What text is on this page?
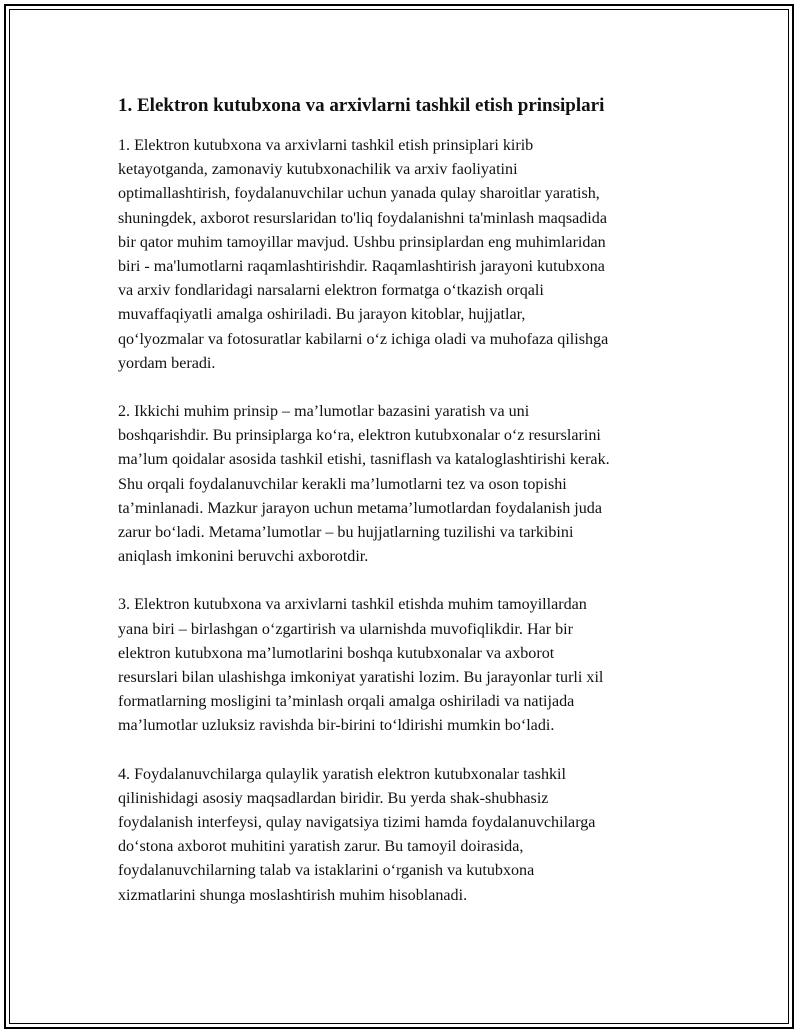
1. Elektron kutubxona va arxivlarni tashkil etish prinsiplari

1. Elektron kutubxona va arxivlarni tashkil etish prinsiplari kirib
ketayotganda, zamonaviy kutubxonachilik va arxiv faoliyatini
optimallashtirish, foydalanuvchilar uchun yanada qulay sharoitlar yaratish,
shuningdek, axborot resurslaridan to'liq foydalanishni ta'minlash maqsadida
bir qator muhim tamoyillar mavjud. Ushbu prinsiplardan eng muhimlaridan
biri - ma'lumotlarni raqamlashtirishdir. Raqamlashtirish jarayoni kutubxona
va arxiv fondlaridagi narsalarni elektron formatga o‘tkazish orqali
muvaffaqiyatli amalga oshiriladi. Bu jarayon kitoblar, hujjatlar,
qo‘lyozmalar va fotosuratlar kabilarni o‘z ichiga oladi va muhofaza qilishga
yordam beradi.

2. Ikkichi muhim prinsip – ma’lumotlar bazasini yaratish va uni
boshqarishdir. Bu prinsiplarga ko‘ra, elektron kutubxonalar o‘z resurslarini
ma’lum qoidalar asosida tashkil etishi, tasniflash va kataloglashtirishi kerak.
Shu orqali foydalanuvchilar kerakli ma’lumotlarni tez va oson topishi
ta’minlanadi. Mazkur jarayon uchun metama’lumotlardan foydalanish juda
zarur bo‘ladi. Metama’lumotlar – bu hujjatlarning tuzilishi va tarkibini
aniqlash imkonini beruvchi axborotdir.

3. Elektron kutubxona va arxivlarni tashkil etishda muhim tamoyillardan
yana biri – birlashgan o‘zgartirish va ularnishda muvofiqlikdir. Har bir
elektron kutubxona ma’lumotlarini boshqa kutubxonalar va axborot
resurslari bilan ulashishga imkoniyat yaratishi lozim. Bu jarayonlar turli xil
formatlarning mosligini ta’minlash orqali amalga oshiriladi va natijada
ma’lumotlar uzluksiz ravishda bir-birini to‘ldirishi mumkin bo‘ladi.

4. Foydalanuvchilarga qulaylik yaratish elektron kutubxonalar tashkil
qilinishidagi asosiy maqsadlardan biridir. Bu yerda shak-shubhasiz
foydalanish interfeysi, qulay navigatsiya tizimi hamda foydalanuvchilarga
do‘stona axborot muhitini yaratish zarur. Bu tamoyil doirasida,
foydalanuvchilarning talab va istaklarini o‘rganish va kutubxona
xizmatlarini shunga moslashtirish muhim hisoblanadi.
